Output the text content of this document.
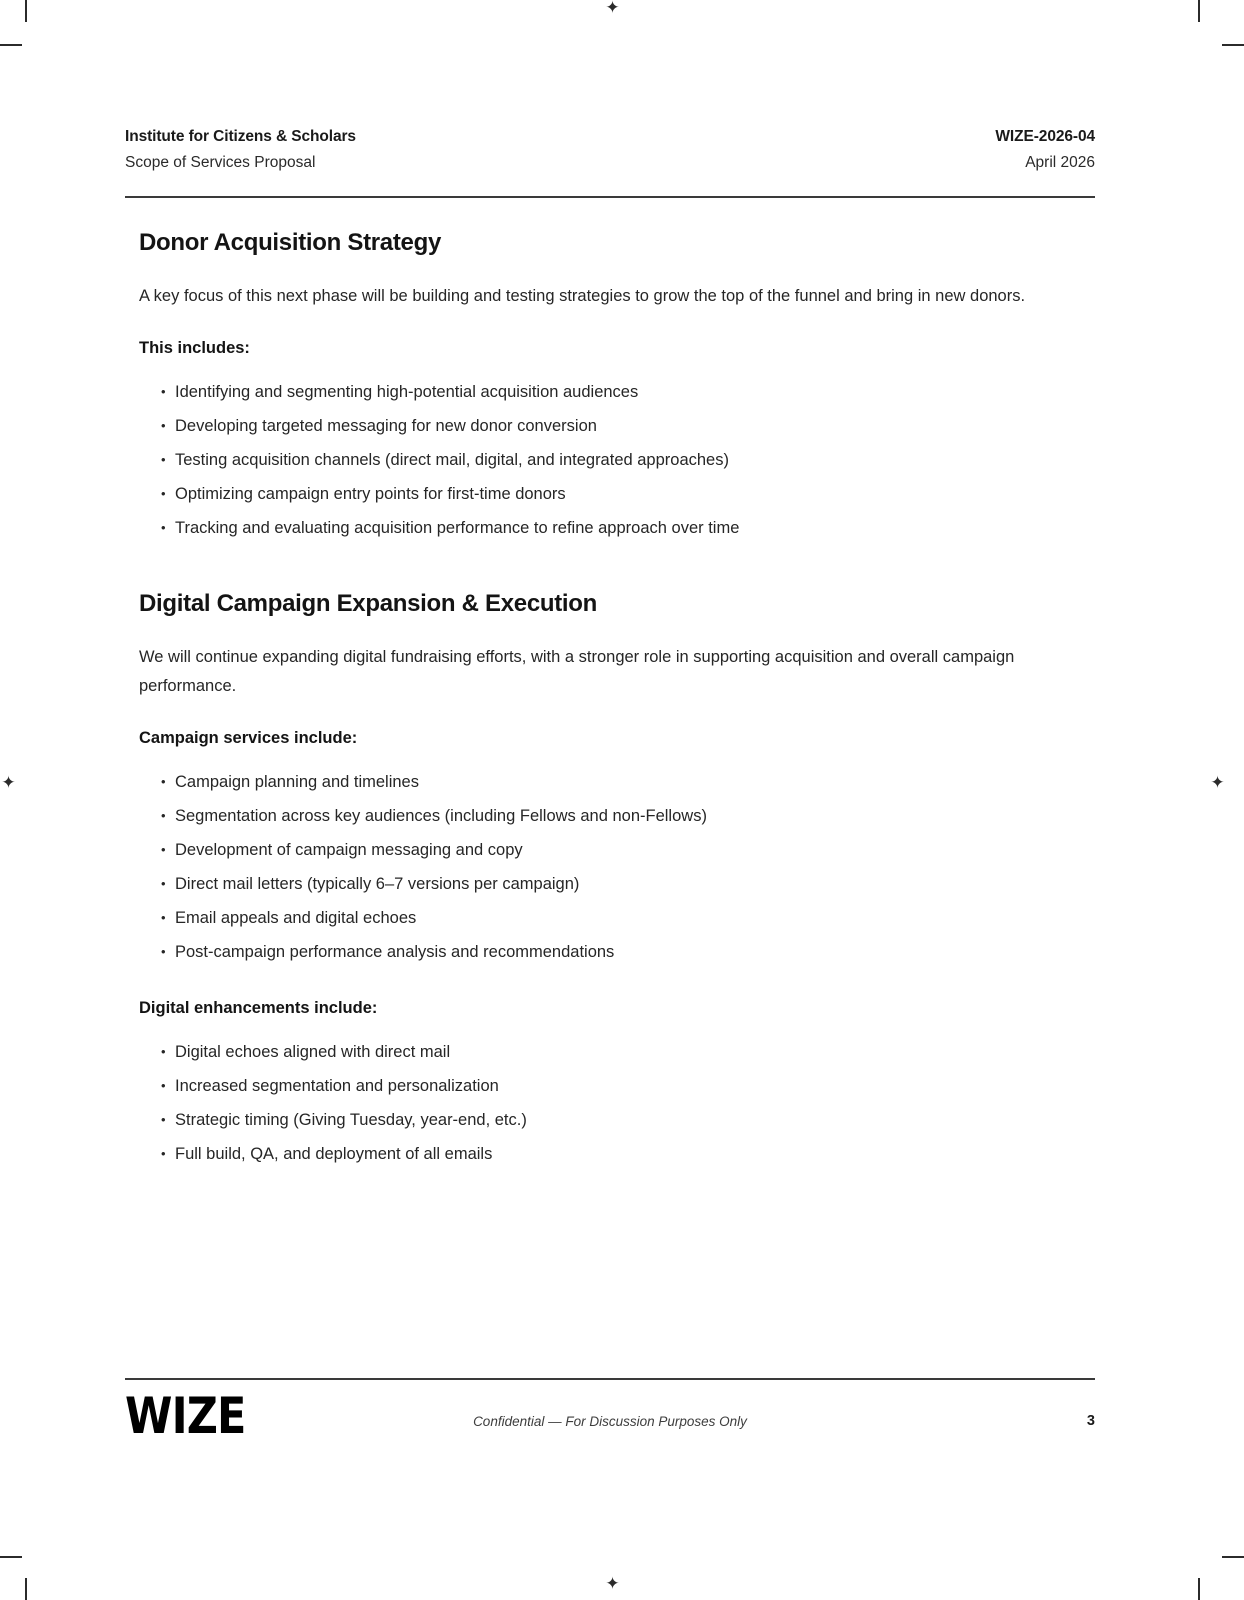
✦
✦
✦	✦
Institute for Citizens & Scholars
Scope of Services Proposal
WIZE-2026-04
April 2026
Donor Acquisition Strategy

A key focus of this next phase will be building and testing strategies to grow the top of the funnel and bring in new donors.

This includes:

• Identifying and segmenting high-potential acquisition audiences
• Developing targeted messaging for new donor conversion
• Testing acquisition channels (direct mail, digital, and integrated approaches)
• Optimizing campaign entry points for first-time donors
• Tracking and evaluating acquisition performance to refine approach over time
Digital Campaign Expansion & Execution

We will continue expanding digital fundraising efforts, with a stronger role in supporting acquisition and overall campaign performance.

Campaign services include:

• Campaign planning and timelines
• Segmentation across key audiences (including Fellows and non-Fellows)
• Development of campaign messaging and copy
• Direct mail letters (typically 6–7 versions per campaign)
• Email appeals and digital echoes
• Post-campaign performance analysis and recommendations

Digital enhancements include:

• Digital echoes aligned with direct mail
• Increased segmentation and personalization
• Strategic timing (Giving Tuesday, year-end, etc.)
• Full build, QA, and deployment of all emails
WIZE	Confidential — For Discussion Purposes Only	3
